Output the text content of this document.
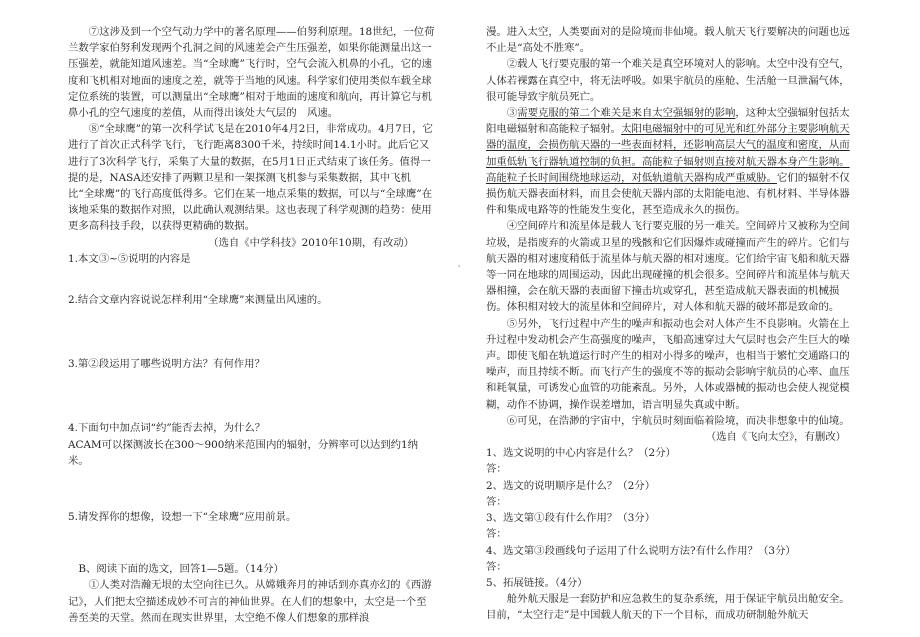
⑦这涉及到一个空气动力学中的著名原理——伯努利原理。18世纪，一位荷兰数学家伯努利发现两个孔洞之间的风速差会产生压强差，如果你能测量出这一压强差，就能知道风速差。当“全球鹰”飞行时，空气会流入机鼻的小孔，它的速度和飞机相对地面的速度之差，就等于当地的风速。科学家们使用类似车载全球定位系统的装置，可以测量出“全球鹰”相对于地面的速度和航向，再计算它与机鼻小孔的空气速度的差值，从而得出该处大气层的　风速。

⑧“全球鹰”的第一次科学试飞是在2010年4月2日，非常成功。4月7日，它进行了首次正式科学飞行，飞行距离8300千米，持续时间14.1小时。此后它又进行了3次科学飞行，采集了大量的数据，在5月1日正式结束了该任务。值得一提的是，NASA还安排了两颗卫星和一架探测飞机参与采集数据，其中飞机比“全球鹰”的飞行高度低得多。它们在某一地点采集的数据，可以与“全球鹰”在该地采集的数据作对照，以此确认观测结果。这也表现了科学观测的趋势：使用更多高科技手段，以获得更精确的数据。

（选自《中学科技》2010年10期，有改动）

1.本文③~⑤说明的内容是

2.结合文章内容说说怎样利用“全球鹰”来测量出风速的。

3.第②段运用了哪些说明方法？有何作用？

4.下面句中加点词“约”能否去掉，为什么？

ACAM可以探测波长在300～900纳米范围内的辐射，分辨率可以达到约1纳米。

5.请发挥你的想像，设想一下“全球鹰”应用前景。

B、阅读下面的选文，回答1—5题。（14分）

①人类对浩瀚无垠的太空向往已久。从嫦娥奔月的神话到亦真亦幻的《西游记》，人们把太空描述成妙不可言的神仙世界。在人们的想象中，太空是一个至善至美的天堂。然而在现实世界里，太空绝不像人们想象的那样浪

'

漫。进入太空，人类要面对的是险境而非仙境。载人航天飞行要解决的问题也远不止是“高处不胜寒”。

②载人飞行要克服的第一个难关是真空环境对人的影响。太空中没有空气，人体若裸露在真空中，将无法呼吸。如果宇航员的座舱、生活舱一旦泄漏气体，很可能导致宇航员死亡。

③需要克服的第二个难关是来自太空强辐射的影响，这种太空强辐射包括太阳电磁辐射和高能粒子辐射。太阳电磁辐射中的可见光和红外部分主要影响航天器的温度，会损伤航天器的一些表面材料，还影响高层大气的温度和密度，从而加重低轨飞行器轨道控制的负担。高能粒子辐射则直接对航天器本身产生影响。高能粒子长时间围绕地球运动，对低轨道航天器构成严重威胁。它们的辐射不仅损伤航天器表面材料，而且会使航天器内部的太阳能电池、有机材料、半导体器件和集成电路等的性能发生变化，甚至造成永久的损伤。

④空间碎片和流星体是载人飞行要克服的另一难关。空间碎片又被称为空间垃圾，是指废弃的火箭或卫星的残骸和它们因爆炸或碰撞而产生的碎片。它们与航天器的相对速度稍低于流星体与航天器的相对速度。它们给宇宙飞船和航天器等一同在地球的周围运动，因此出现碰撞的机会很多。空间碎片和流星体与航天器相撞，会在航天器的表面留下撞击坑或穿孔，甚至造成航天器表面的机械损伤。体积相对较大的流星体和空间碎片，对人体和航天器的破坏都是致命的。

⑤另外，飞行过程中产生的噪声和振动也会对人体产生不良影响。火箭在上升过程中发动机会产生高强度的噪声，飞船高速穿过大气层时也会产生巨大的噪声。即使飞船在轨道运行时产生的相对小得多的噪声，也相当于繁忙交通路口的噪声，而且持续不断。而飞行产生的强度不等的振动会影响宇航员的心率、血压和耗氧量，可诱发心血管的功能紊乱。另外，人体或器械的振动也会使人视觉模糊，动作不协调，操作误差增加，语言明显失真或中断。

⑥可见，在浩渺的宇宙中，宇航员时刻面临着险境，而决非想象中的仙境。

（选自《飞向太空》，有删改）

1、选文说明的中心内容是什么？（2分）

答：

2、选文的说明顺序是什么？（2分）

答：

3、选文第①段有什么作用？（3分）

答：

4、选文第③段画线句子运用了什么说明方法?有什么作用？（3分）

答：

5、拓展链接。（4分）

舱外航天服是一套防护和应急救生的复杂系统，用于保证宇航员出舱安全。目前，“太空行走”是中国载人航天的下一个目标，而成功研制舱外航天
